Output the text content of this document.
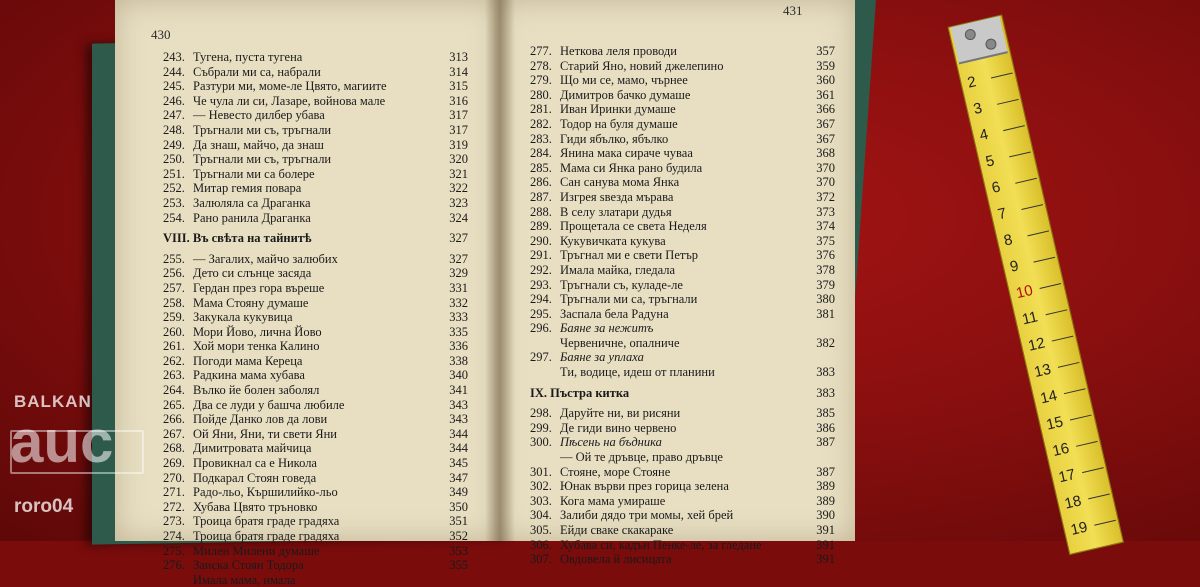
430
243. Тугена, пуста тугена	313
244. Събрали ми са, набрали	314
245. Разтури ми, моме-ле Цвято, магиите	315
246. Че чула ли си, Лазаре, войнова мале	316
247. — Невесто дилбер убава	317
248. Тръгнали ми съ, тръгнали	317
249. Да знаш, майчо, да знаш	319
250. Тръгнали ми съ, тръгнали	320
251. Тръгнали ми са болере	321
252. Митар гемия повара	322
253. Залюляла са Драганка	323
254. Рано ранила Драганка	324
VIII. Въ свѣта на тайнитѣ	327
255. — Загалих, майчо залюбих	327
256. Дето си слънце засяда	329
257. Гердан през гора въреше	331
258. Мама Стояну думаше	332
259. Закукала кукувица	333
260. Мори Йово, лична Йово	335
261. Хой мори тенка Калино	336
262. Погоди мама Кереца	338
263. Радкина мама хубава	340
264. Вълко йе болен заболял	341
265. Два се луди у башча любиле	343
266. Пойде Данко лов да лови	343
267. Ой Яни, Яни, ти свети Яни	344
268. Димитровата майчица	344
269. Провикнал са е Никола	345
270. Подкарал Стоян говеда	347
271. Радо-льо, Кършилийко-льо	349
272. Хубава Цвято тръновко	350
273. Троица братя граде градяха	351
274. Троица братя граде градяха	352
275. Милен Милени думаше	353
276. Заиска Стоян Тодора	355
Имала мама, имала
431
277. Неткова леля проводи	357
278. Старий Яно, новий джелепино	359
279. Що ми се, мамо, чърнее	360
280. Димитров бачко думаше	361
281. Иван Иринки думаше	366
282. Тодор на буля думаше	367
283. Гиди ябълко, ябълко	367
284. Янина мака сираче чуваа	368
285. Мама си Янка рано будила	370
286. Сан санува мома Янка	370
287. Изгрея ѕвезда мърава	372
288. В селу златари дудья	373
289. Прощетала се света Неделя	374
290. Кукувичката кукува	375
291. Тръгнал ми е свети Петър	376
292. Имала майка, гледала	378
293. Тръгнали съ, куладе-ле	379
294. Тръгнали ми са, тръгнали	380
295. Заспала бела Радуна	381
296. Баяне за нежитъ
Червеничне, опалниче	382
297. Баяне за уплаха
Ти, водице, идеш от планини	383
IX. Пъстра китка	383
298. Даруйте ни, ви рисяни	385
299. Де гиди вино червено	386
300. Пѣсень на бъдника	387
— Ой те дръвце, право дръвце
301. Стояне, море Стояне	387
302. Юнак върви през горица зелена	389
303. Кога мама умираше	389
304. Залиби дядо три момы, хей брей	390
305. Ейди сваке скакараке	391
306. Хубава си, кадън Пенке-ле, за гледане	391
307. Овдовела й лисицата	391
2
3
4
5
6
7
8
9
10
11
12
13
14
15
16
17
18
19
BALKAN
auc
roro04
